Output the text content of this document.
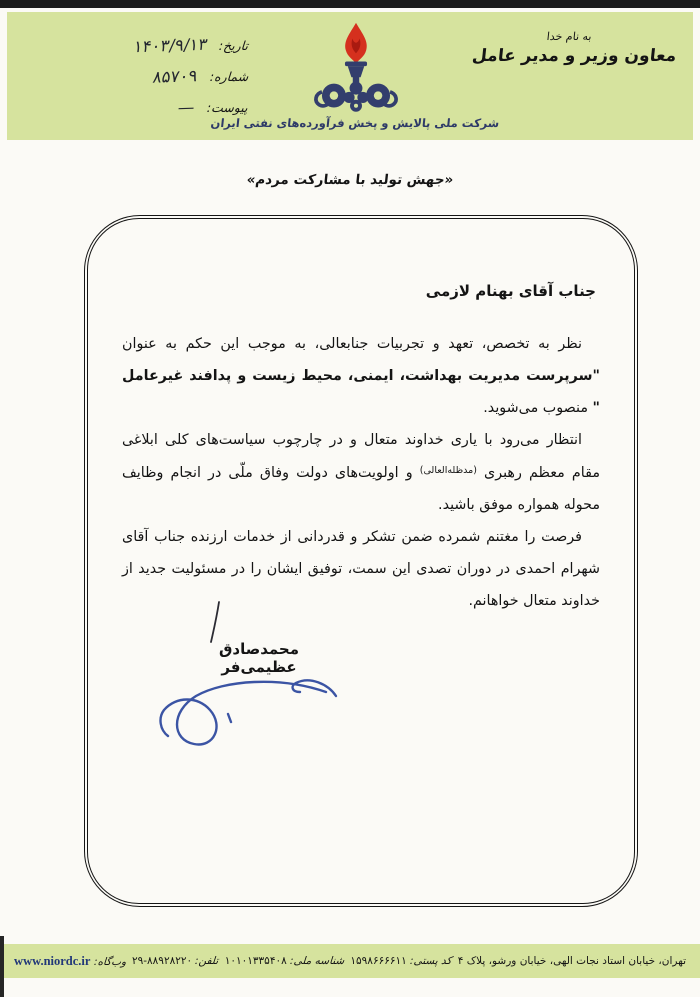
به نام خدا
معاون وزیر و مدیر عامل
شرکت ملی پالایش و پخش فرآورده‌های نفتی ایران
تاریخ:
۱۴۰۳/۹/۱۳
شماره:
۸۵۷۰۹
پیوست:
—
«جهش تولید با مشارکت مردم»
جناب آقای بهنام لازمی

نظر به تخصص، تعهد و تجربیات جنابعالی، به موجب این حکم به عنوان "سرپرست مدیریت بهداشت، ایمنی، محیط زیست و پدافند غیرعامل " منصوب می‌شوید.

انتظار می‌رود با یاری خداوند متعال و در چارچوب سیاست‌های کلی ابلاغی مقام معظم رهبری $^{(مدظله‌العالی)}$ و اولویت‌های دولت وفاق ملّی در انجام وظایف محوله همواره موفق باشید.

فرصت را مغتنم شمرده ضمن تشکر و قدردانی از خدمات ارزنده جناب آقای شهرام احمدی در دوران تصدی این سمت، توفیق ایشان را در مسئولیت جدید از خداوند متعال خواهانم.

محمدصادق عظیمی‌فر
تهران، خیابان استاد نجات الهی، خیابان ورشو، پلاک ۴
کد پستی: ۱۵۹۸۶۶۶۶۱۱
شناسه ملی: ۱۰۱۰۱۳۳۵۴۰۸
تلفن: ۲۹-۸۸۹۲۸۲۲۰
وب‌گاه: www.niordc.ir
